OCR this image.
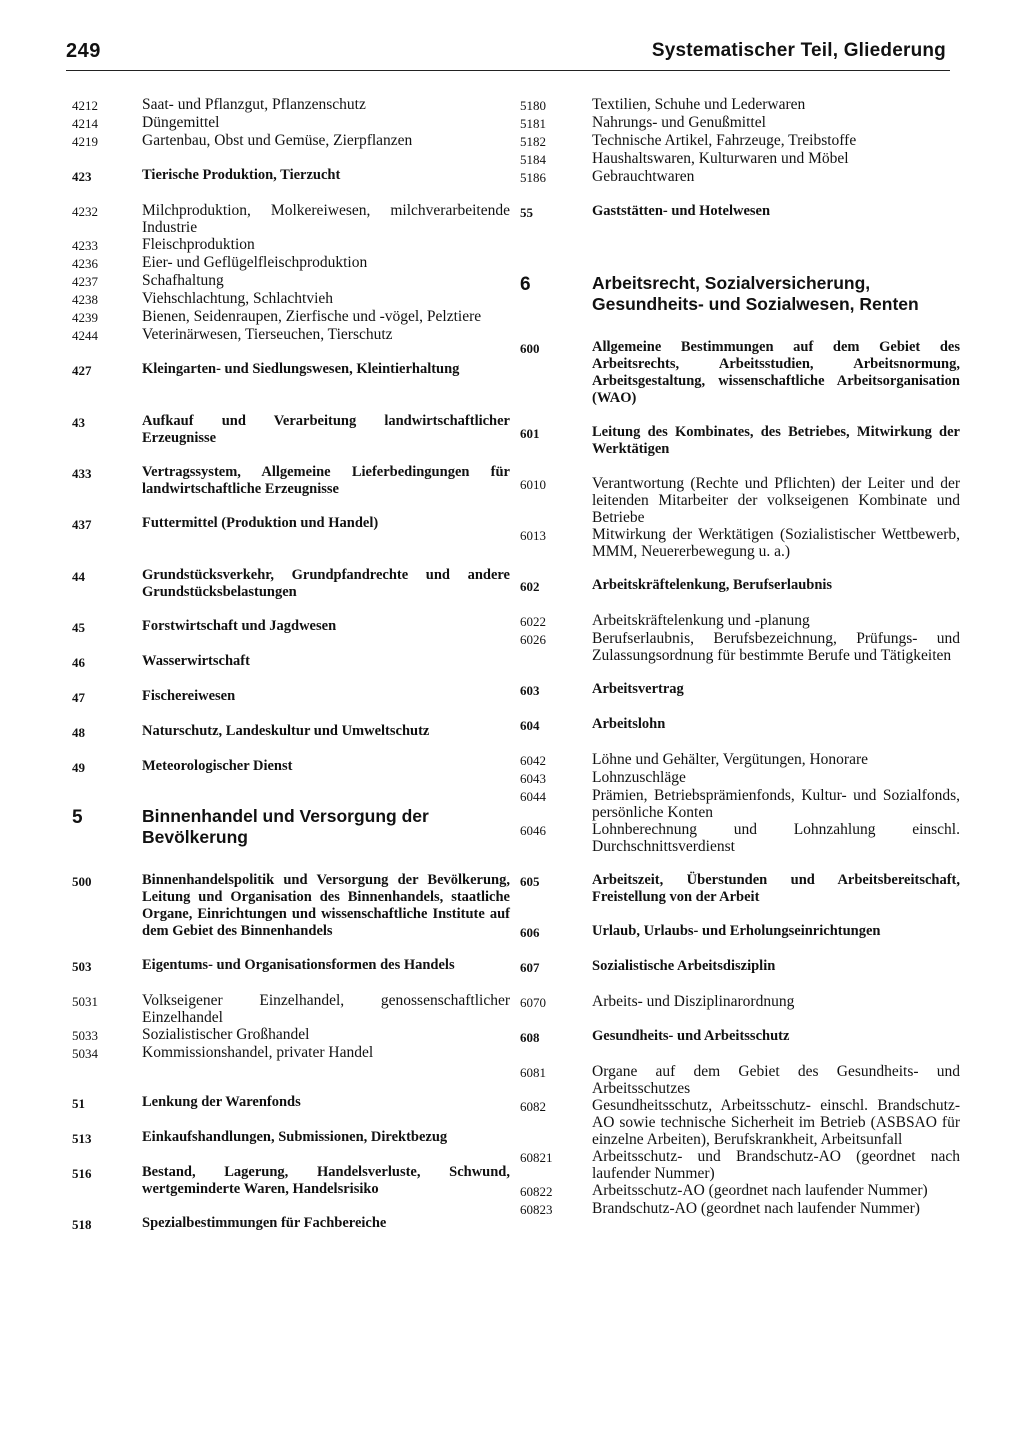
249	Systematischer Teil, Gliederung
4212	Saat- und Pflanzgut, Pflanzenschutz
4214	Düngemittel
4219	Gartenbau, Obst und Gemüse, Zierpflanzen
423	Tierische Produktion, Tierzucht
4232	Milchproduktion, Molkereiwesen, milchverarbeitende Industrie
4233	Fleischproduktion
4236	Eier- und Geflügelfleischproduktion
4237	Schafhaltung
4238	Viehschlachtung, Schlachtvieh
4239	Bienen, Seidenraupen, Zierfische und -vögel, Pelztiere
4244	Veterinärwesen, Tierseuchen, Tierschutz
427	Kleingarten- und Siedlungswesen, Kleintierhaltung
43	Aufkauf und Verarbeitung landwirtschaftlicher Erzeugnisse
433	Vertragssystem, Allgemeine Lieferbedingungen für landwirtschaftliche Erzeugnisse
437	Futtermittel (Produktion und Handel)
44	Grundstücksverkehr, Grundpfandrechte und andere Grundstücksbelastungen
45	Forstwirtschaft und Jagdwesen
46	Wasserwirtschaft
47	Fischereiwesen
48	Naturschutz, Landeskultur und Umweltschutz
49	Meteorologischer Dienst
5	Binnenhandel und Versorgung der Bevölkerung
500	Binnenhandelspolitik und Versorgung der Bevölkerung, Leitung und Organisation des Binnenhandels, staatliche Organe, Einrichtungen und wissenschaftliche Institute auf dem Gebiet des Binnenhandels
503	Eigentums- und Organisationsformen des Handels
5031	Volkseigener Einzelhandel, genossenschaftlicher Einzelhandel
5033	Sozialistischer Großhandel
5034	Kommissionshandel, privater Handel
51	Lenkung der Warenfonds
513	Einkaufshandlungen, Submissionen, Direktbezug
516	Bestand, Lagerung, Handelsverluste, Schwund, wertgeminderte Waren, Handelsrisiko
518	Spezialbestimmungen für Fachbereiche
5180	Textilien, Schuhe und Lederwaren
5181	Nahrungs- und Genußmittel
5182	Technische Artikel, Fahrzeuge, Treibstoffe
5184	Haushaltswaren, Kulturwaren und Möbel
5186	Gebrauchtwaren
55	Gaststätten- und Hotelwesen
6	Arbeitsrecht, Sozialversicherung, Gesundheits- und Sozialwesen, Renten
600	Allgemeine Bestimmungen auf dem Gebiet des Arbeitsrechts, Arbeitsstudien, Arbeitsnormung, Arbeitsgestaltung, wissenschaftliche Arbeitsorganisation (WAO)
601	Leitung des Kombinates, des Betriebes, Mitwirkung der Werktätigen
6010	Verantwortung (Rechte und Pflichten) der Leiter und der leitenden Mitarbeiter der volkseigenen Kombinate und Betriebe
6013	Mitwirkung der Werktätigen (Sozialistischer Wettbewerb, MMM, Neuererbewegung u. a.)
602	Arbeitskräftelenkung, Berufserlaubnis
6022	Arbeitskräftelenkung und -planung
6026	Berufserlaubnis, Berufsbezeichnung, Prüfungs- und Zulassungsordnung für bestimmte Berufe und Tätigkeiten
603	Arbeitsvertrag
604	Arbeitslohn
6042	Löhne und Gehälter, Vergütungen, Honorare
6043	Lohnzuschläge
6044	Prämien, Betriebsprämienfonds, Kultur- und Sozialfonds, persönliche Konten
6046	Lohnberechnung und Lohnzahlung einschl. Durchschnittsverdienst
605	Arbeitszeit, Überstunden und Arbeitsbereitschaft, Freistellung von der Arbeit
606	Urlaub, Urlaubs- und Erholungseinrichtungen
607	Sozialistische Arbeitsdisziplin
6070	Arbeits- und Disziplinarordnung
608	Gesundheits- und Arbeitsschutz
6081	Organe auf dem Gebiet des Gesundheits- und Arbeitsschutzes
6082	Gesundheitsschutz, Arbeitsschutz- einschl. Brandschutz-AO sowie technische Sicherheit im Betrieb (ASBSAO für einzelne Arbeiten), Berufskrankheit, Arbeitsunfall
60821	Arbeitsschutz- und Brandschutz-AO (geordnet nach laufender Nummer)
60822	Arbeitsschutz-AO (geordnet nach laufender Nummer)
60823	Brandschutz-AO (geordnet nach laufender Nummer)
